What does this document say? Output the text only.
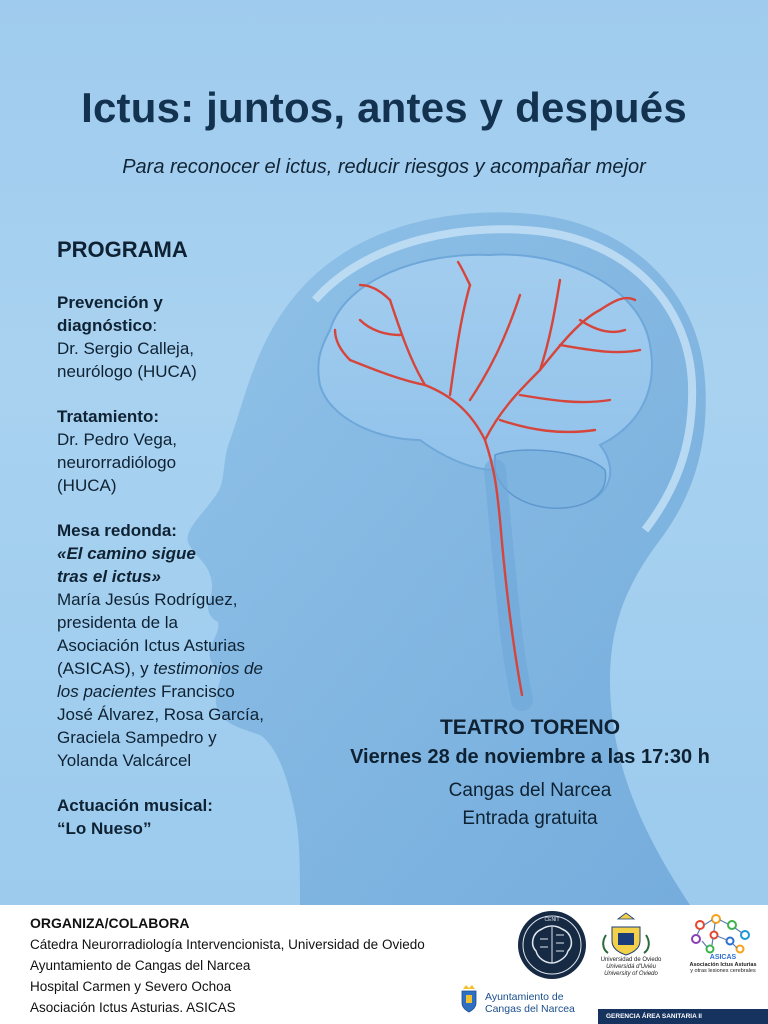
Ictus: juntos, antes y después

Para reconocer el ictus, reducir riesgos y acompañar mejor

PROGRAMA
Prevención y
diagnóstico:
Dr. Sergio Calleja,
neurólogo (HUCA)
Tratamiento:
Dr. Pedro Vega,
neurorradiólogo
(HUCA)
Mesa redonda:
«El camino sigue
tras el ictus»
María Jesús Rodríguez,
presidenta de la
Asociación Ictus Asturias
(ASICAS), y testimonios de
los pacientes Francisco
José Álvarez, Rosa García,
Graciela Sampedro y
Yolanda Valcárcel
Actuación musical:
“Lo Nueso”
TEATRO TORENO
Viernes 28 de noviembre a las 17:30 h
Cangas del Narcea
Entrada gratuita
ORGANIZA/COLABORA
Cátedra Neurorradiología Intervencionista, Universidad de Oviedo
Ayuntamiento de Cangas del Narcea
Hospital Carmen y Severo Ochoa
Asociación Ictus Asturias. ASICAS
CENIT
Universidad de Oviedo
Universidá d'Uviéu
University of Oviedo
ASICAS
Asociación Ictus Asturias
y otras lesiones cerebrales
Ayuntamiento de
Cangas del Narcea
GERENCIA ÁREA SANITARIA II
